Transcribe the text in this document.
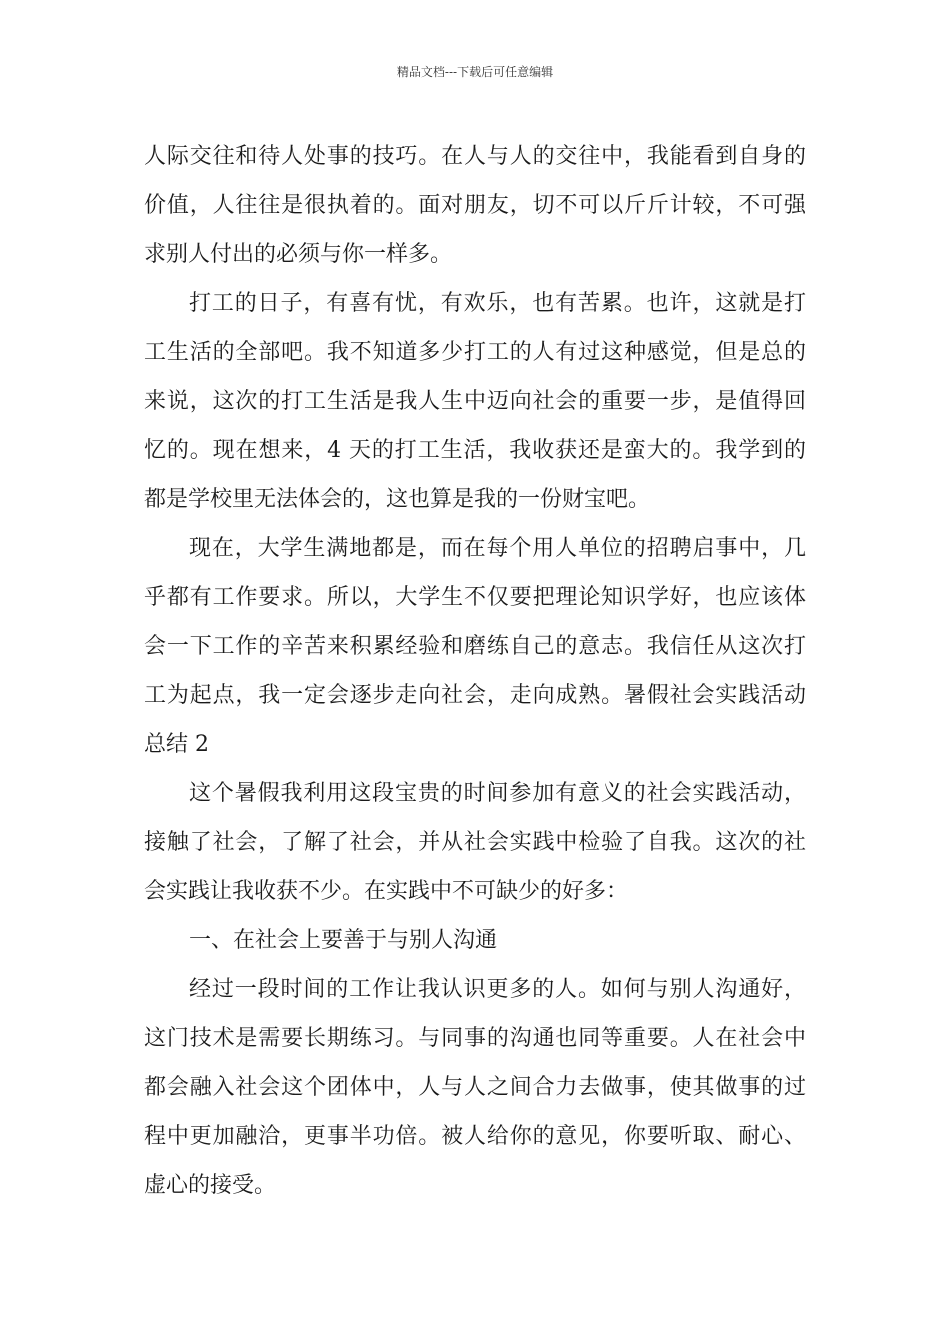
精品文档---下载后可任意编辑
人际交往和待人处事的技巧。在人与人的交往中，我能看到自身的
价值，人往往是很执着的。面对朋友，切不可以斤斤计较，不可强
求别人付出的必须与你一样多。
打工的日子，有喜有忧，有欢乐，也有苦累。也许，这就是打
工生活的全部吧。我不知道多少打工的人有过这种感觉，但是总的
来说，这次的打工生活是我人生中迈向社会的重要一步，是值得回
忆的。现在想来，4 天的打工生活，我收获还是蛮大的。我学到的
都是学校里无法体会的，这也算是我的一份财宝吧。
现在，大学生满地都是，而在每个用人单位的招聘启事中，几
乎都有工作要求。所以，大学生不仅要把理论知识学好，也应该体
会一下工作的辛苦来积累经验和磨练自己的意志。我信任从这次打
工为起点，我一定会逐步走向社会，走向成熟。暑假社会实践活动
总结 2
这个暑假我利用这段宝贵的时间参加有意义的社会实践活动，
接触了社会，了解了社会，并从社会实践中检验了自我。这次的社
会实践让我收获不少。在实践中不可缺少的好多：
一、在社会上要善于与别人沟通
经过一段时间的工作让我认识更多的人。如何与别人沟通好，
这门技术是需要长期练习。与同事的沟通也同等重要。人在社会中
都会融入社会这个团体中，人与人之间合力去做事，使其做事的过
程中更加融洽，更事半功倍。被人给你的意见，你要听取、耐心、
虚心的接受。
